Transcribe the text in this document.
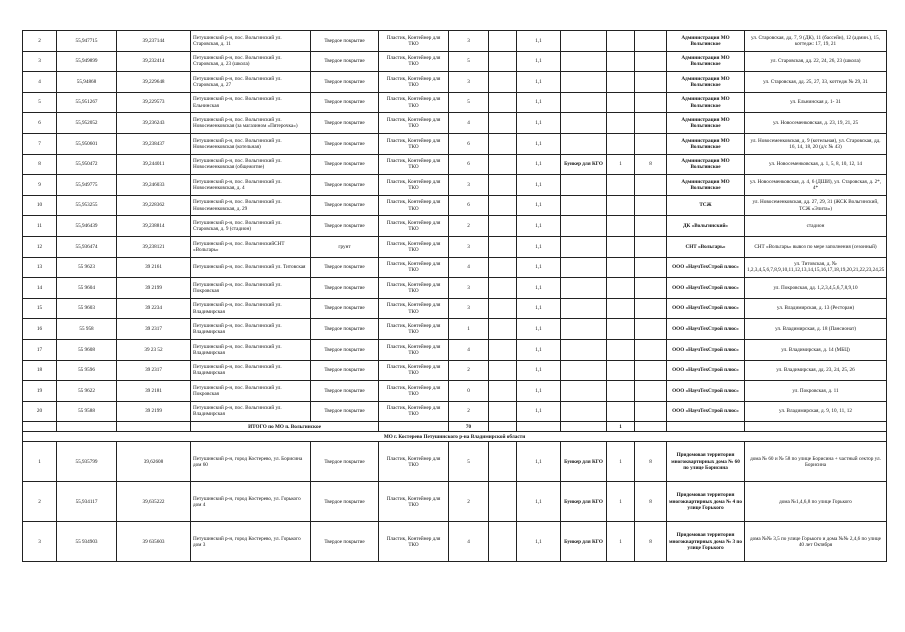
2	55,947715	39,237144	Петушинский р-н, пос. Вольгинский ул. Старовская, д. 11	Твердое покрытие	Пластик, Контейнер для ТКО	3		1,1				Администрация МО Вольгинское	ул. Старовская, дд. 7, 9 (ДК), 11 (бассейн), 12 (админ.), 15, коттедж: 17, 19, 21
3	55,949899	39,232414	Петушинский р-н, пос. Вольгинский ул. Старовская, д. 23 (школа)	Твердое покрытие	Пластик, Контейнер для ТКО	5		1,1				Администрация МО Вольгинское	ул. Старовская, дд. 22, 24, 26, 23 (школа)
4	55,94868	39,229648	Петушинский р-н, пос. Вольгинский ул. Старовская, д. 27	Твердое покрытие	Пластик, Контейнер для ТКО	3		1,1				Администрация МО Вольгинское	ул. Старовская, дд. 25, 27, 33, коттедж № 29, 31
5	55,951267	39,229573	Петушинский р-н, пос. Вольгинский ул. Ельнинская	Твердое покрытие	Пластик, Контейнер для ТКО	5		1,1				Администрация МО Вольгинское	ул. Ельнинская д. 1- 31
6	55,952052	39,236243	Петушинский р-н, пос. Вольгинский ул. Новосеменковская (за магазином «Пятерочка»)	Твердое покрытие	Пластик, Контейнер для ТКО	4		1,1				Администрация МО Вольгинское	ул. Новосеменковская, д. 23, 19, 21, 25
7	55,950601	39,238437	Петушинский р-н, пос. Вольгинский ул. Новосеменковская (котельная)	Твердое покрытие	Пластик, Контейнер для ТКО	6		1,1				Администрация МО Вольгинское	ул. Новосеменковская, д. 9 (котельная), ул. Старовская, дд. 16, 14, 18, 20 (д/с № 43)
8	55,950472	39,244011	Петушинский р-н, пос. Вольгинский ул. Новосеменковская (общежитие)	Твердое покрытие	Пластик, Контейнер для ТКО	6		1,1	Бункер для КГО	1	8	Администрация МО Вольгинское	ул. Новосеменковская, д. 1, 5, 8, 10, 12, 14
9	55,949775	39,246033	Петушинский р-н, пос. Вольгинский ул. Новосеменковская, д. 4	Твердое покрытие	Пластик, Контейнер для ТКО	3		1,1				Администрация МО Вольгинское	ул. Новосеменковская, д. 4, 6 (ДШИ), ул. Старовская, д. 2*, 4*
10	55,953255	39,228362	Петушинский р-н, пос. Вольгинский ул. Новосеменковская, д. 29	Твердое покрытие	Пластик, Контейнер для ТКО	6		1,1				ТСЖ	ул. Новосеменковская, дд. 27, 29, 31 (ЖСК Вольгинский, ТСЖ «Элита»)
11	55,946439	39,238814	Петушинский р-н, пос. Вольгинский ул. Старовская, д. 9 (стадион)	Твердое покрытие	Пластик, Контейнер для ТКО	2		1,1				ДК «Вольгинский»	стадион
12	55,936474	39,238121	Петушинский р-н, пос. ВольгинскийСНТ «Вольгарь»	грунт	Пластик, Контейнер для ТКО	3		1,1				СНТ «Вольгарь»	СНТ «Вольгарь» вывоз по мере заполнения (сезонный)
13	55 9623	39 2161	Петушинский р-н, пос. Вольгинский ул. Титовская	Твердое покрытие	Пластик, Контейнер для ТКО	4		1,1				ООО «НаучТехСтрой плюс»	ул. Титовская, д. № 1,2,3,4,5,6,7,8,9,10,11,12,13,14,15,16,17,18,19,20,21,22,23,24,25
14	55 9604	39 2199	Петушинский р-н, пос. Вольгинский ул. Покровская	Твердое покрытие	Пластик, Контейнер для ТКО	3		1,1				ООО «НаучТехСтрой плюс»	ул. Покровская, дд. 1,2,3,4,5,6,7,8,9,10
15	55 9603	39 2234	Петушинский р-н, пос. Вольгинский ул. Владимирская	Твердое покрытие	Пластик, Контейнер для ТКО	3		1,1				ООО «НаучТехСтрой плюс»	ул. Владимирская, д. 13 (Ресторан)
16	55 958	39 2317	Петушинский р-н, пос. Вольгинский ул. Владимирская	Твердое покрытие	Пластик, Контейнер для ТКО	1		1,1				ООО «НаучТехСтрой плюс»	ул. Владимирская, д. 18 (Пансионат)
17	55 9608	39 23 52	Петушинский р-н, пос. Вольгинский ул. Владимирская	Твердое покрытие	Пластик, Контейнер для ТКО	4		1,1				ООО «НаучТехСтрой плюс»	ул. Владимирская, д. 14 (МБЦ)
18	55 9596	39 2317	Петушинский р-н, пос. Вольгинский ул. Владимирская	Твердое покрытие	Пластик, Контейнер для ТКО	2		1,1				ООО «НаучТехСтрой плюс»	ул. Владимирская, дд. 23, 24, 25, 26
19	55 9622	39 2181	Петушинский р-н, пос. Вольгинский ул. Покровская	Твердое покрытие	Пластик, Контейнер для ТКО	0		1,1				ООО «НаучТехСтрой плюс»	ул. Покровская, д. 11
20	55 9588	39 2199	Петушинский р-н, пос. Вольгинский ул. Владимирская	Твердое покрытие	Пластик, Контейнер для ТКО	2		1,1				ООО «НаучТехСтрой плюс»	ул. Владимирская, д. 9, 10, 11, 12
			ИТОГО по МО п. Вольгинское			70				1			
МО г. Костерево Петушинского р-на Владимирской области													
1	55,935799	39,62608	Петушинский р-н, город Костерево, ул. Борисина дом 60	Твердое покрытие	Пластик, Контейнер для ТКО	5		1,1	Бункер для КГО	1	8	Придомовая территория многоквартирных дома № 60 по улице Борисина	дома № 60 и № 58 по улице Борисина + частный сектор ул. Борисина
2	55,934117	39,635222	Петушинский р-н, город Костерево, ул. Горького дом 4	Твердое покрытие	Пластик, Контейнер для ТКО	2		1,1	Бункер для КГО	1	8	Придомовая территория многоквартирных дома № 4 по улице Горького	дома №1,4,6,8 по улице Горького
3	55 934903	39 635603	Петушинский р-н, город Костерево, ул. Горького дом 3	Твердое покрытие	Пластик, Контейнер для ТКО	4		1,1	Бункер для КГО	1	8	Придомовая территория многоквартирных дома № 3 по улице Горького	дома №№ 3,5 по улице Горького и дома №№ 2,4,6 по улице 40 лет Октября
